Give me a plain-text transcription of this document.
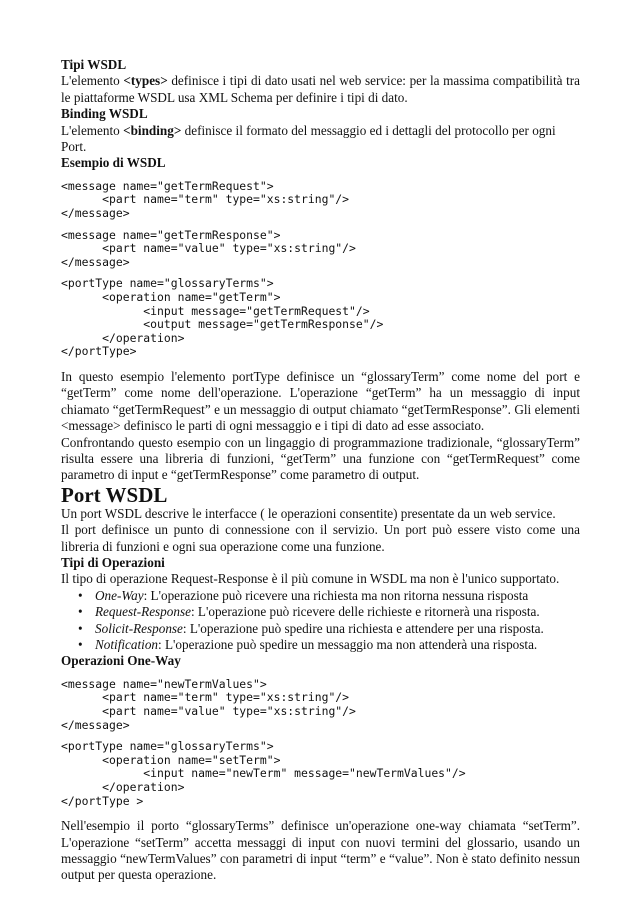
Tipi WSDL

L'elemento <types> definisce i tipi di dato usati nel web service: per la massima compatibilità tra le piattaforme WSDL usa XML Schema per definire i tipi di dato.

Binding WSDL

L'elemento <binding> definisce il formato del messaggio ed i dettagli del protocollo per ogni Port.

Esempio di WSDL

<message name="getTermRequest">
<part name="term" type="xs:string"/>
</message>
<message name="getTermResponse">
<part name="value" type="xs:string"/>
</message>
<portType name="glossaryTerms">
<operation name="getTerm">
<input message="getTermRequest"/>
<output message="getTermResponse"/>
</operation>
</portType>

In questo esempio l'elemento portType definisce un “glossaryTerm” come nome del port e “getTerm” come nome dell'operazione. L'operazione “getTerm” ha un messaggio di input chiamato “getTermRequest” e un messaggio di output chiamato “getTermResponse”. Gli elementi <message> definisco le parti di ogni messaggio e i tipi di dato ad esse associato.

Confrontando questo esempio con un lingaggio di programmazione tradizionale, “glossaryTerm” risulta essere una libreria di funzioni, “getTerm” una funzione con “getTermRequest” come parametro di input e “getTermResponse” come parametro di output.

Port WSDL

Un port WSDL descrive le interfacce ( le operazioni consentite) presentate da un web service.

Il port definisce un punto di connessione con il servizio. Un port può essere visto come una libreria di funzioni e ogni sua operazione come una funzione.

Tipi di Operazioni

Il tipo di operazione Request-Response è il più comune in WSDL ma non è l'unico supportato.

• One-Way: L'operazione può ricevere una richiesta ma non ritorna nessuna risposta
• Request-Response: L'operazione può ricevere delle richieste e ritornerà una risposta.
• Solicit-Response: L'operazione può spedire una richiesta e attendere per una risposta.
• Notification: L'operazione può spedire un messaggio ma non attenderà una risposta.

Operazioni One-Way

<message name="newTermValues">
<part name="term" type="xs:string"/>
<part name="value" type="xs:string"/>
</message>
<portType name="glossaryTerms">
<operation name="setTerm">
<input name="newTerm" message="newTermValues"/>
</operation>
</portType >

Nell'esempio il porto “glossaryTerms” definisce un'operazione one-way chiamata “setTerm”. L'operazione “setTerm” accetta messaggi di input con nuovi termini del glossario, usando un messaggio “newTermValues” con parametri di input “term” e “value”. Non è stato definito nessun output per questa operazione.
